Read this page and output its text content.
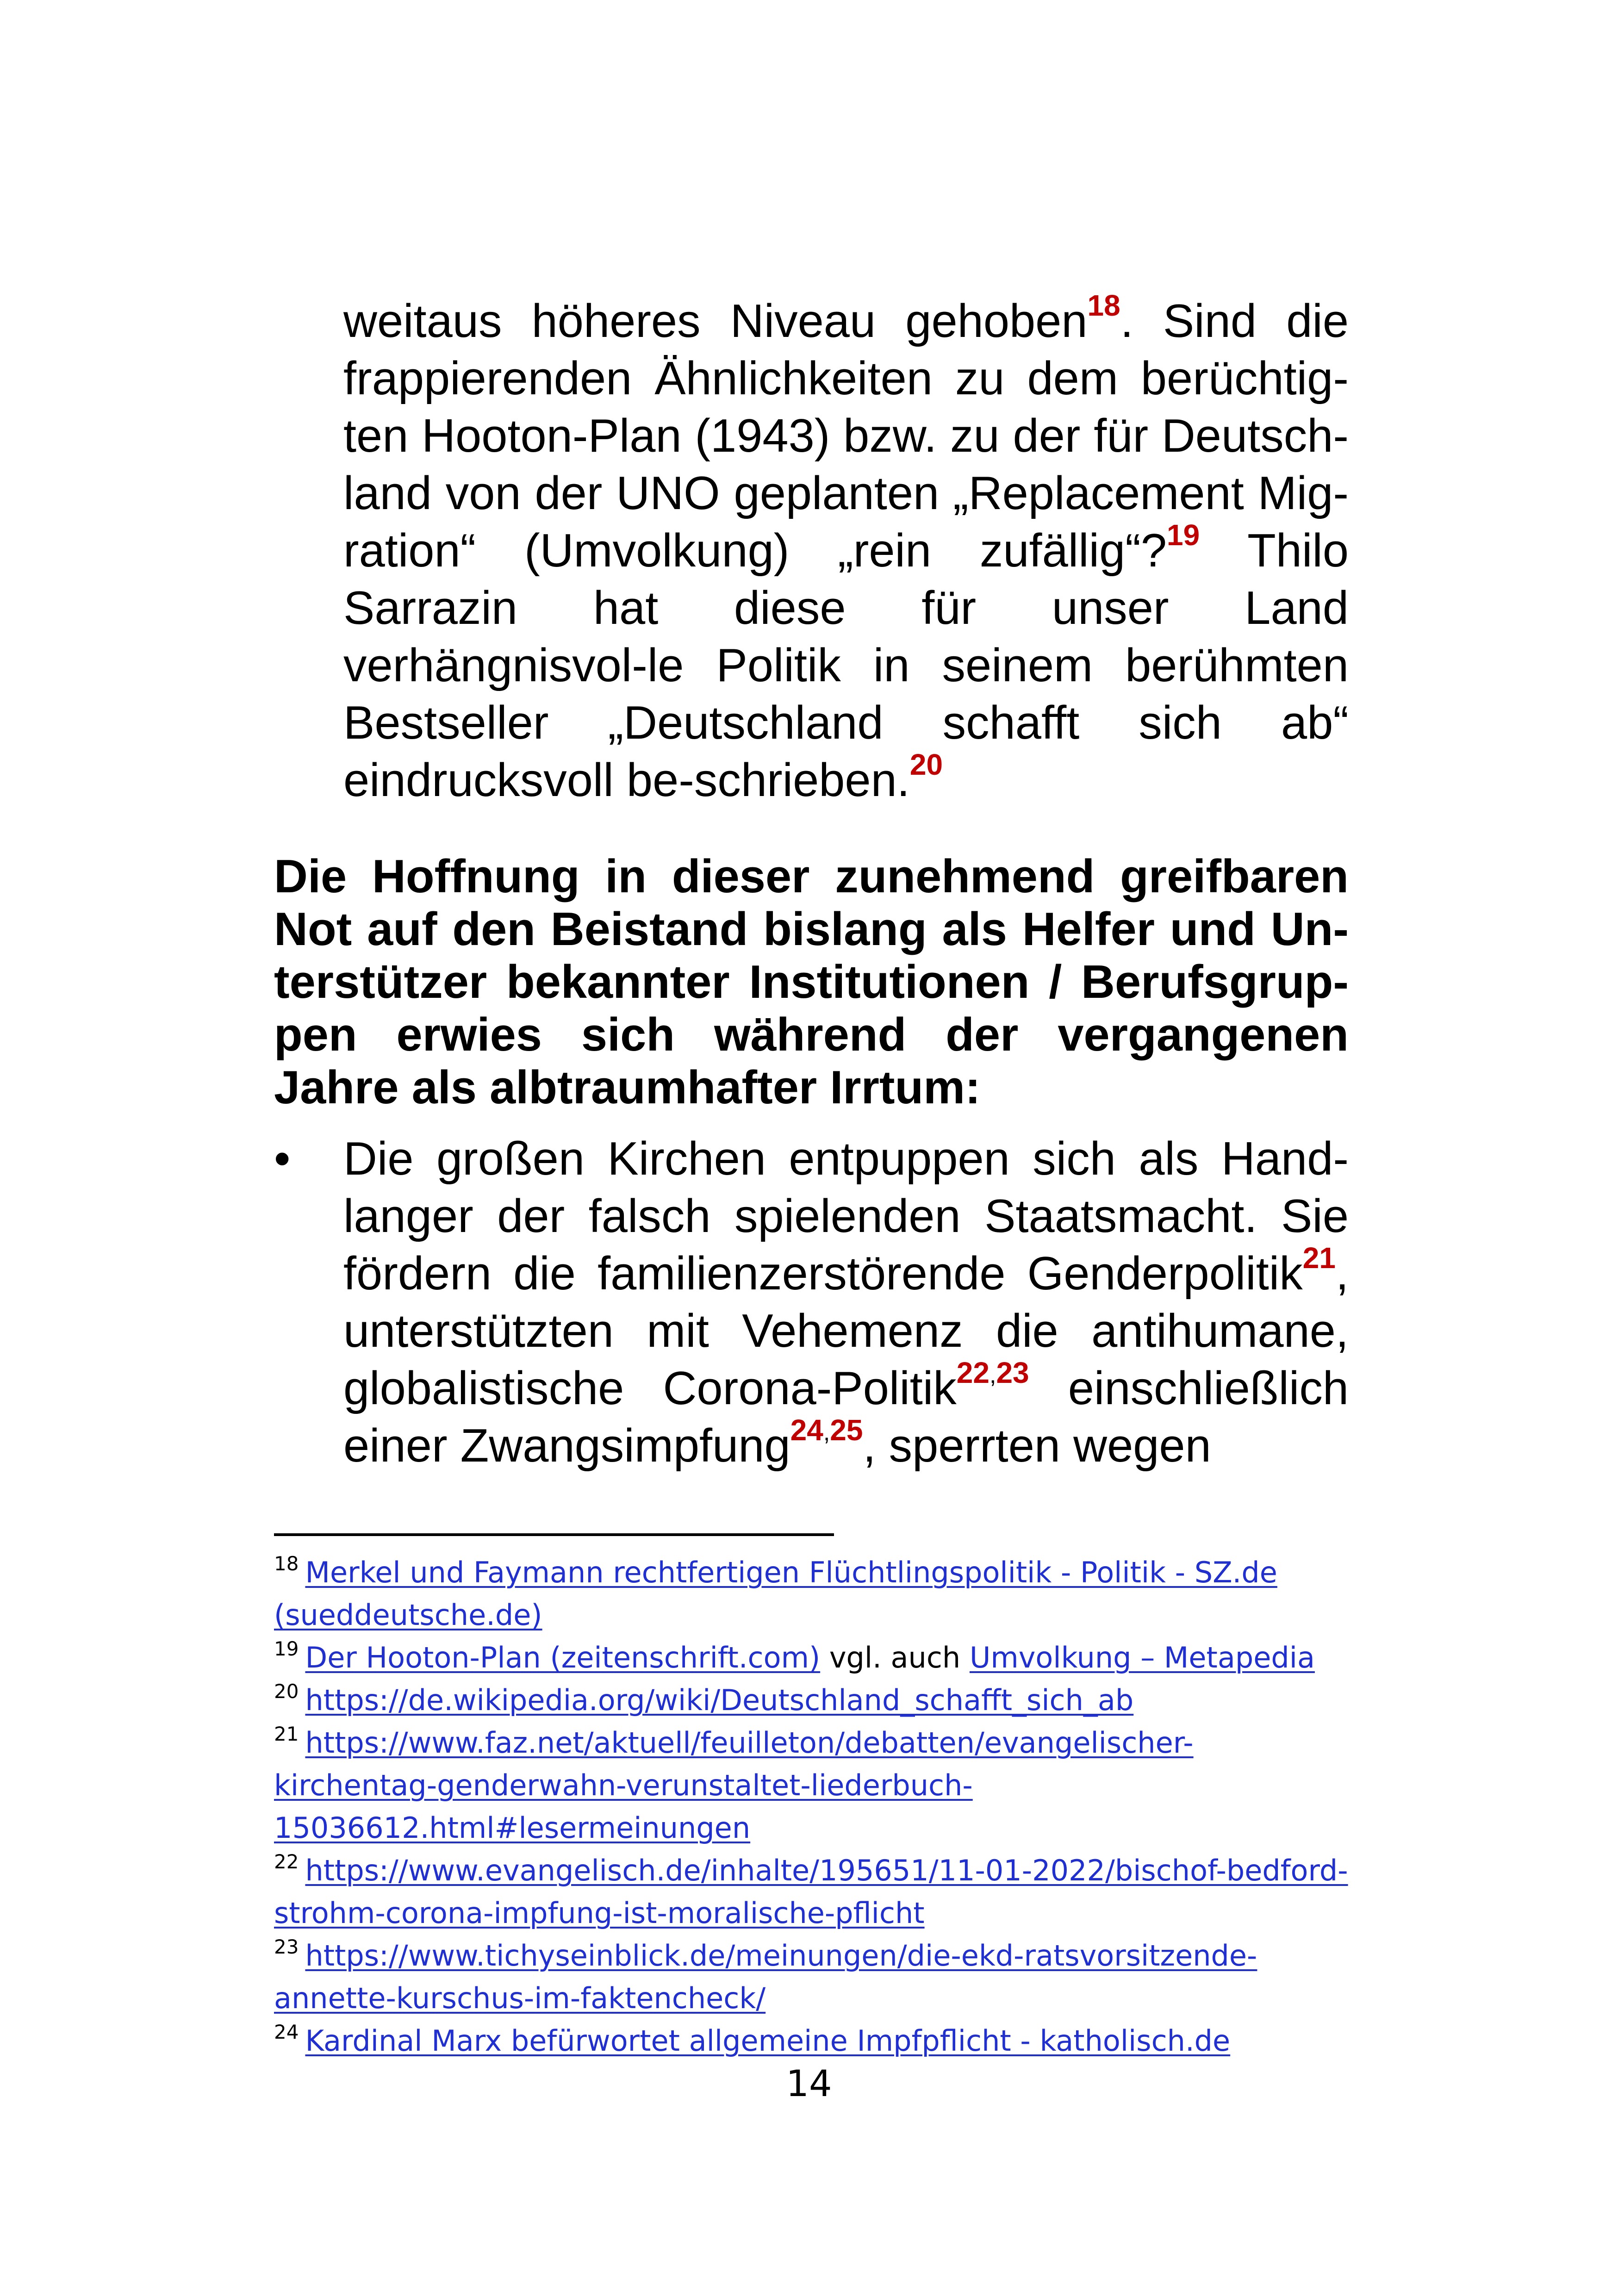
weitaus höheres Niveau gehoben$^{18}$. Sind die frappierenden Ähnlichkeiten zu dem berüchtig-ten Hooton-Plan (1943) bzw. zu der für Deutsch-land von der UNO geplanten „Replacement Mig-ration“ (Umvolkung) „rein zufällig“?$^{19}$ Thilo Sarrazin hat diese für unser Land verhängnisvol-le Politik in seinem berühmten Bestseller „Deutschland schafft sich ab“ eindrucksvoll be-schrieben.$^{20}$

Die Hoffnung in dieser zunehmend greifbaren Not auf den Beistand bislang als Helfer und Un-terstützer bekannter Institutionen / Berufsgrup-pen erwies sich während der vergangenen Jahre als albtraumhafter Irrtum:

•	Die großen Kirchen entpuppen sich als Hand-langer der falsch spielenden Staatsmacht. Sie fördern die familienzerstörende Genderpolitik$^{21}$, unterstützten mit Vehemenz die antihumane, globalistische Corona-Politik$^{22,23}$ einschließlich einer Zwangsimpfung$^{24,25}$, sperrten wegen

$^{18}$ Merkel und Faymann rechtfertigen Flüchtlingspolitik - Politik - SZ.de (sueddeutsche.de)

$^{19}$ Der Hooton-Plan (zeitenschrift.com) vgl. auch Umvolkung – Metapedia

$^{20}$ https://de.wikipedia.org/wiki/Deutschland_schafft_sich_ab

$^{21}$ https://www.faz.net/aktuell/feuilleton/debatten/evangelischer-kirchentag-genderwahn-verunstaltet-liederbuch-15036612.html#lesermeinungen

$^{22}$ https://www.evangelisch.de/inhalte/195651/11-01-2022/bischof-bedford-strohm-corona-impfung-ist-moralische-pflicht

$^{23}$ https://www.tichyseinblick.de/meinungen/die-ekd-ratsvorsitzende-annette-kurschus-im-faktencheck/

$^{24}$ Kardinal Marx befürwortet allgemeine Impfpflicht - katholisch.de

14
